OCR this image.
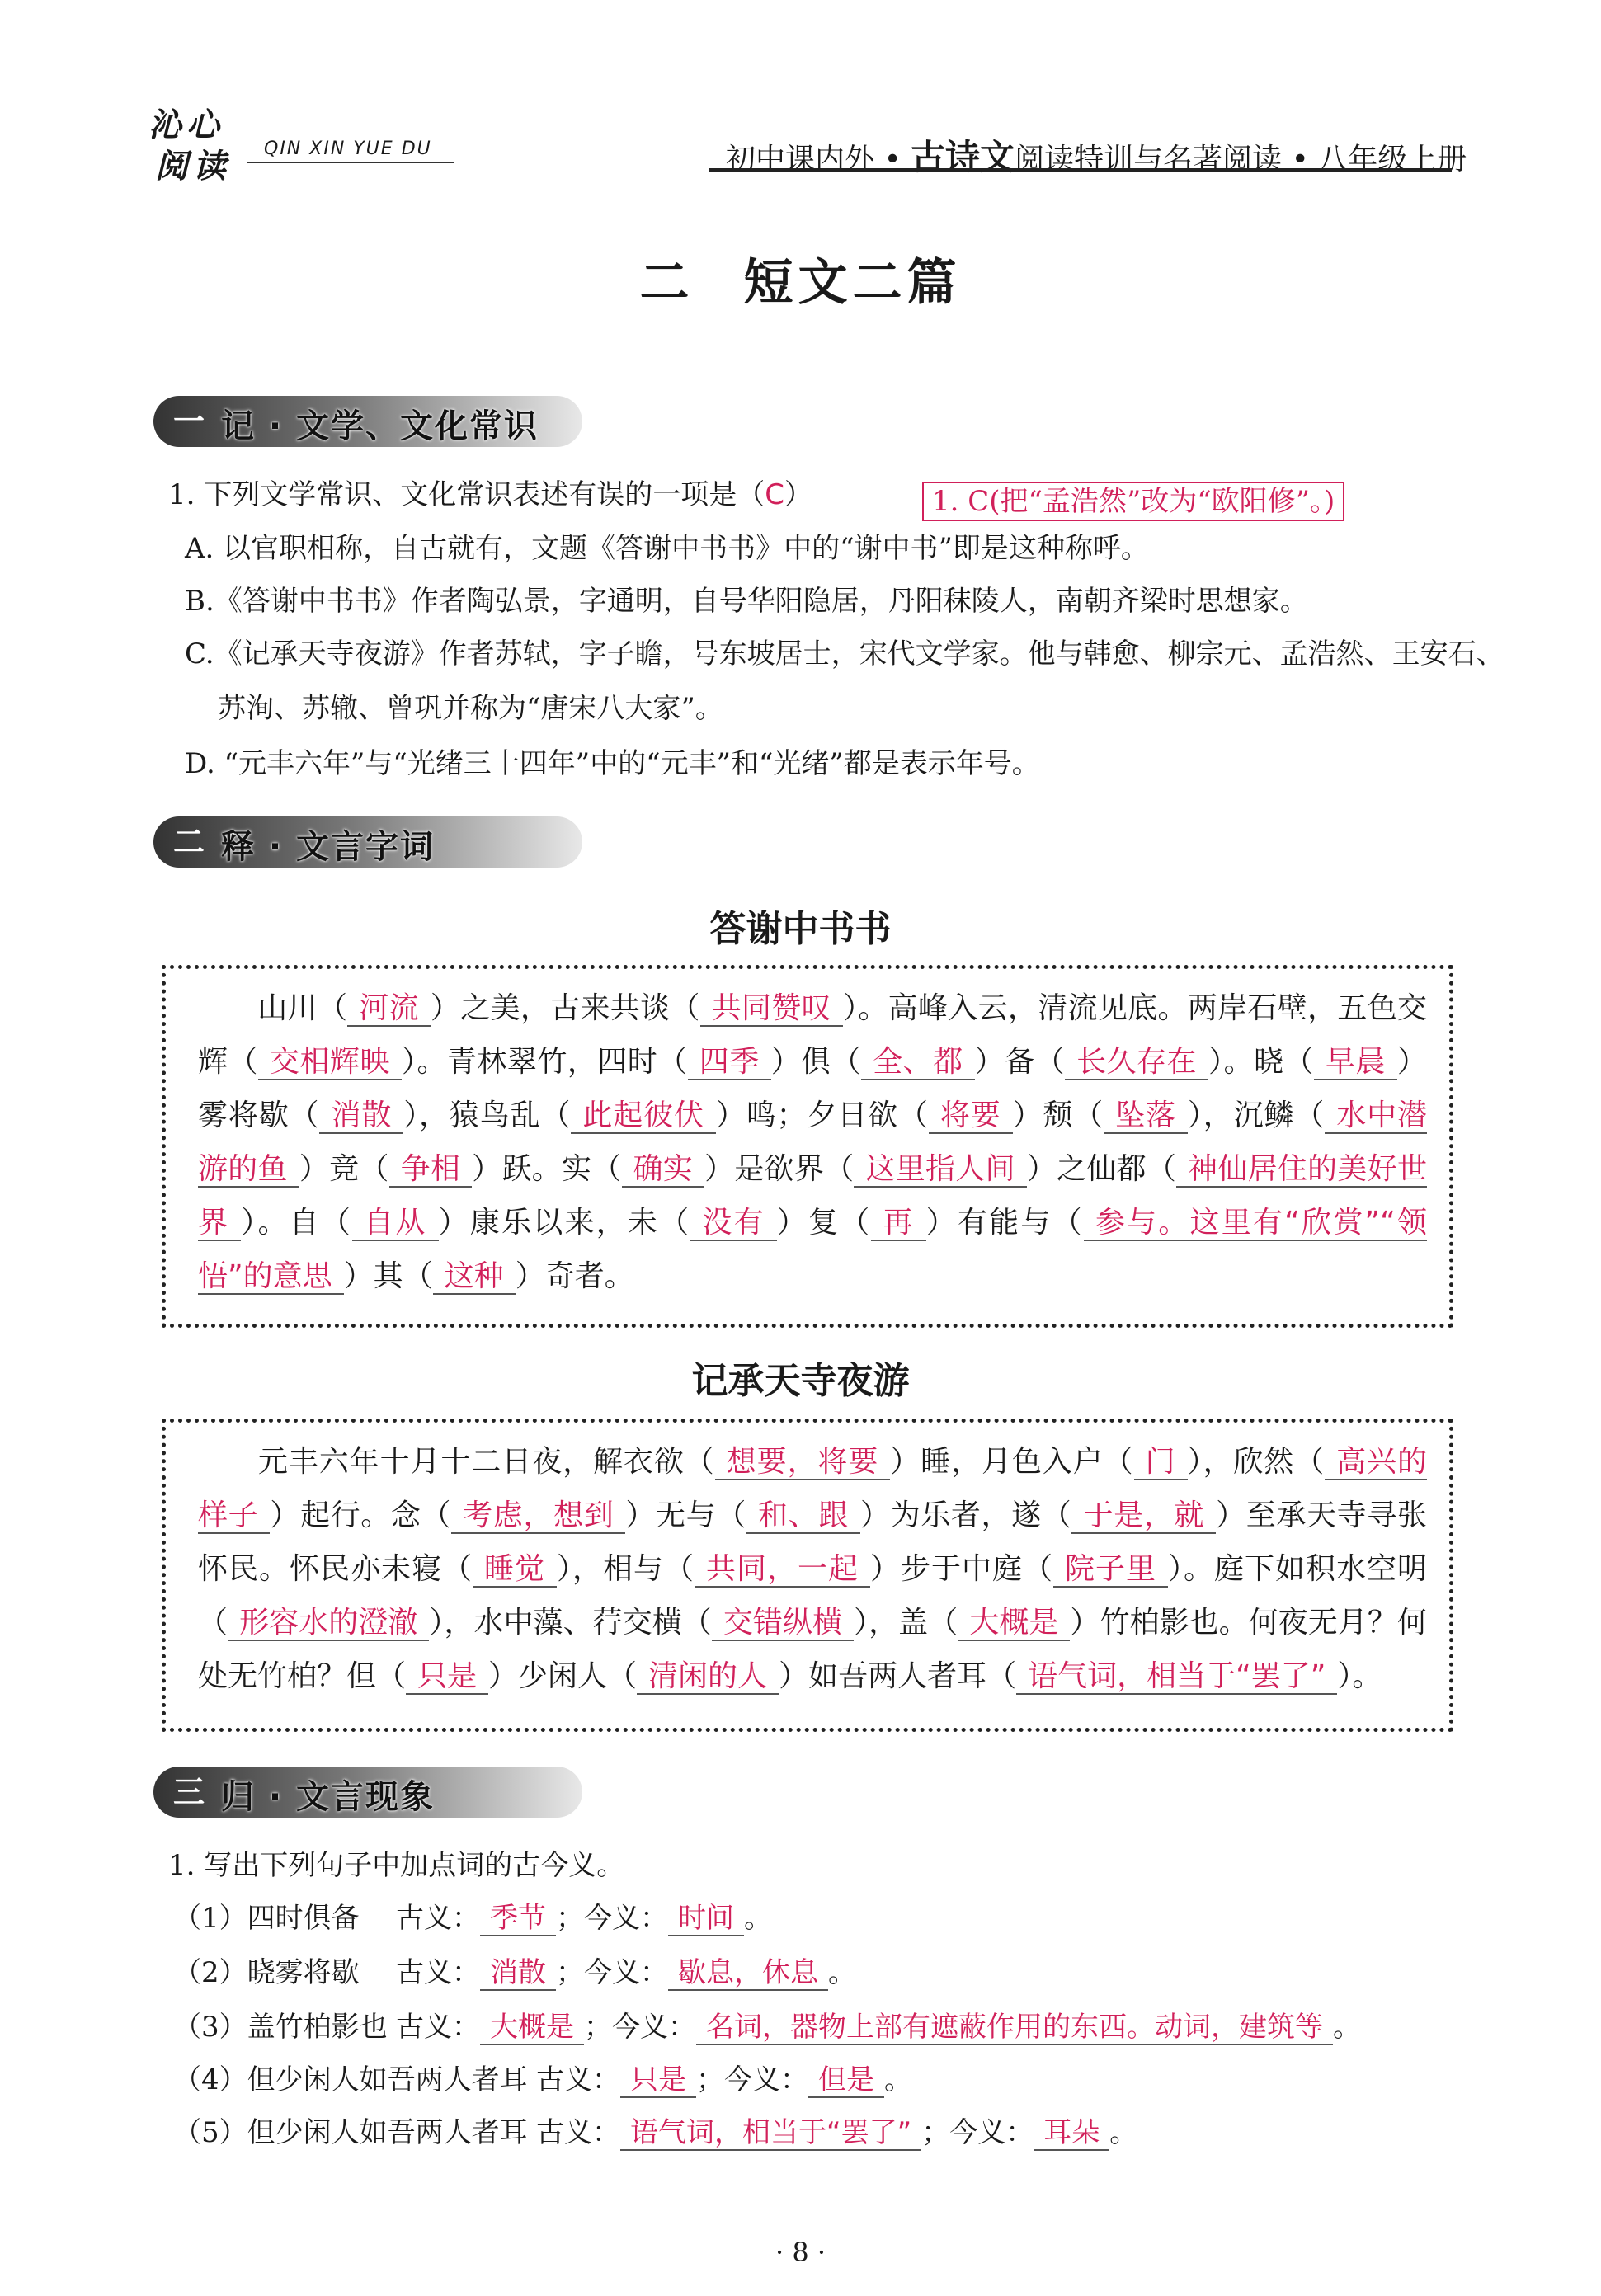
沁心
阅读 QIN XIN YUE DU	初中课内外 • 古诗文阅读特训与名著阅读 • 八年级上册
二 短文二篇
一 记 · 文学、文化常识
1. 下列文学常识、文化常识表述有误的一项是（C）	1. C(把“孟浩然”改为“欧阳修”。)
A. 以官职相称，自古就有，文题《答谢中书书》中的“谢中书”即是这种称呼。
B.《答谢中书书》作者陶弘景，字通明，自号华阳隐居，丹阳秣陵人，南朝齐梁时思想家。
C.《记承天寺夜游》作者苏轼，字子瞻，号东坡居士，宋代文学家。他与韩愈、柳宗元、孟浩然、王安石、
苏洵、苏辙、曾巩并称为“唐宋八大家”。
D. “元丰六年”与“光绪三十四年”中的“元丰”和“光绪”都是表示年号。
二 释 · 文言字词
答谢中书书
山川（ 河流 ）之美，古来共谈（ 共同赞叹 ）。高峰入云，清流见底。两岸石壁，五色交辉（ 交相辉映 ）。青林翠竹，四时（ 四季 ）俱（ 全、都 ）备（ 长久存在 ）。晓（ 早晨 ）雾将歇（ 消散 ），猿鸟乱（ 此起彼伏 ）鸣；夕日欲（ 将要 ）颓（ 坠落 ），沉鳞（ 水中潜游的鱼 ）竞（ 争相 ）跃。实（ 确实 ）是欲界（ 这里指人间 ）之仙都（ 神仙居住的美好世界 ）。自（ 自从 ）康乐以来，未（ 没有 ）复（ 再 ）有能与（ 参与。这里有“欣赏”“领悟”的意思 ）其（ 这种 ）奇者。
记承天寺夜游
元丰六年十月十二日夜，解衣欲（ 想要，将要 ）睡，月色入户（ 门 ），欣然（ 高兴的样子 ）起行。念（ 考虑，想到 ）无与（ 和、跟 ）为乐者，遂（ 于是，就 ）至承天寺寻张怀民。怀民亦未寝（ 睡觉 ），相与（ 共同，一起 ）步于中庭（ 院子里 ）。庭下如积水空明（ 形容水的澄澈 ），水中藻、荇交横（ 交错纵横 ），盖（ 大概是 ）竹柏影也。何夜无月？何处无竹柏？但（ 只是 ）少闲人（ 清闲的人 ）如吾两人者耳（ 语气词，相当于“罢了” ）。
三 归 · 文言现象
1. 写出下列句子中加点词的古今义。
（1）四时俱备 古义： 季节 ；今义： 时间 。
（2）晓雾将歇 古义： 消散 ；今义： 歇息，休息 。
（3）盖竹柏影也 古义： 大概是 ；今义： 名词，器物上部有遮蔽作用的东西。动词，建筑等 。
（4）但少闲人如吾两人者耳 古义： 只是 ；今义： 但是 。
（5）但少闲人如吾两人者耳 古义： 语气词，相当于“罢了” ；今义： 耳朵 。
· 8 ·
